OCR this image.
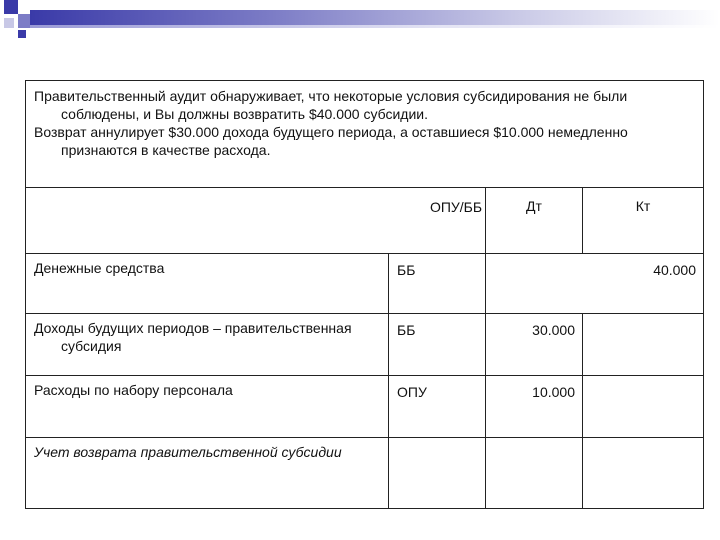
Правительственный аудит обнаруживает, что некоторые условия субсидирования не были соблюдены, и Вы должны возвратить $40.000 субсидии.

Возврат аннулирует $30.000 дохода будущего периода, а оставшиеся $10.000 немедленно признаются в качестве расхода.			

ОПУ/ББ		Дт	Кт

Денежные средства	ББ		40.000

Доходы будущих периодов – правительственная субсидия	ББ	30.000	

Расходы по набору персонала	ОПУ	10.000	

Учет возврата правительственной субсидии			
